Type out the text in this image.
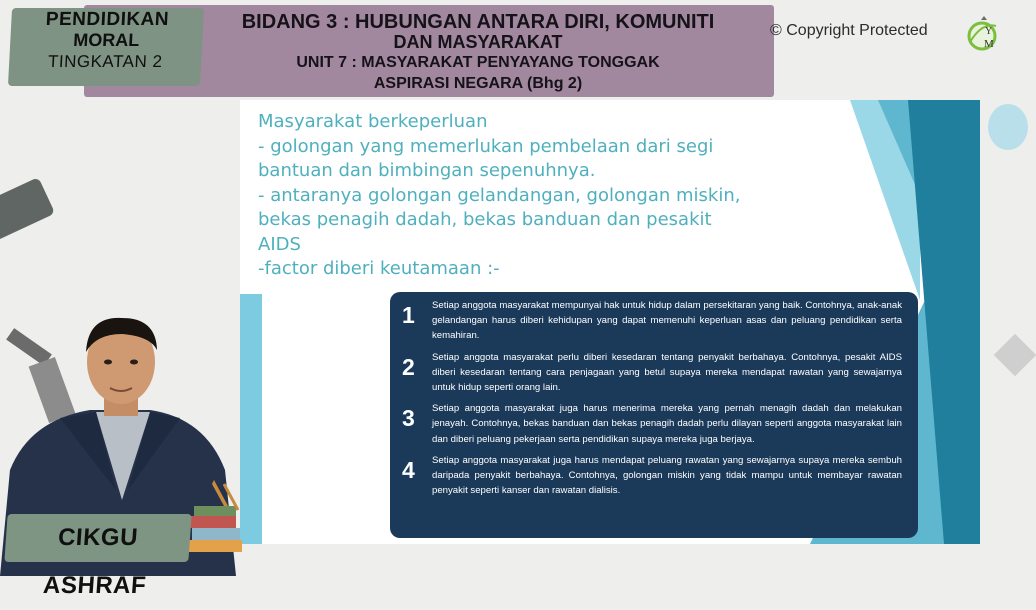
BIDANG 3 : HUBUNGAN ANTARA DIRI, KOMUNITI
DAN MASYARAKAT
UNIT 7 : MASYARAKAT PENYAYANG TONGGAK
ASPIRASI NEGARA (Bhg 2)
PENDIDIKAN
MORAL
TINGKATAN 2
© Copyright Protected	Y
M
Masyarakat berkeperluan
- golongan yang memerlukan pembelaan dari segi
bantuan dan bimbingan sepenuhnya.
- antaranya golongan gelandangan, golongan miskin,
bekas penagih dadah, bekas banduan dan pesakit
AIDS
-factor diberi keutamaan :-
1	Setiap anggota masyarakat mempunyai hak untuk hidup dalam persekitaran yang baik. Contohnya, anak-anak gelandangan harus diberi kehidupan yang dapat memenuhi keperluan asas dan peluang pendidikan serta kemahiran.
2	Setiap anggota masyarakat perlu diberi kesedaran tentang penyakit berbahaya. Contohnya, pesakit AIDS diberi kesedaran tentang cara penjagaan yang betul supaya mereka mendapat rawatan yang sewajarnya untuk hidup seperti orang lain.
3	Setiap anggota masyarakat juga harus menerima mereka yang pernah menagih dadah dan melakukan jenayah. Contohnya, bekas banduan dan bekas penagih dadah perlu dilayan seperti anggota masyarakat lain dan diberi peluang pekerjaan serta pendidikan supaya mereka juga berjaya.
4	Setiap anggota masyarakat juga harus mendapat peluang rawatan yang sewajarnya supaya mereka sembuh daripada penyakit berbahaya. Contohnya, golongan miskin yang tidak mampu untuk membayar rawatan penyakit seperti kanser dan rawatan dialisis.
CIKGU ASHRAF
